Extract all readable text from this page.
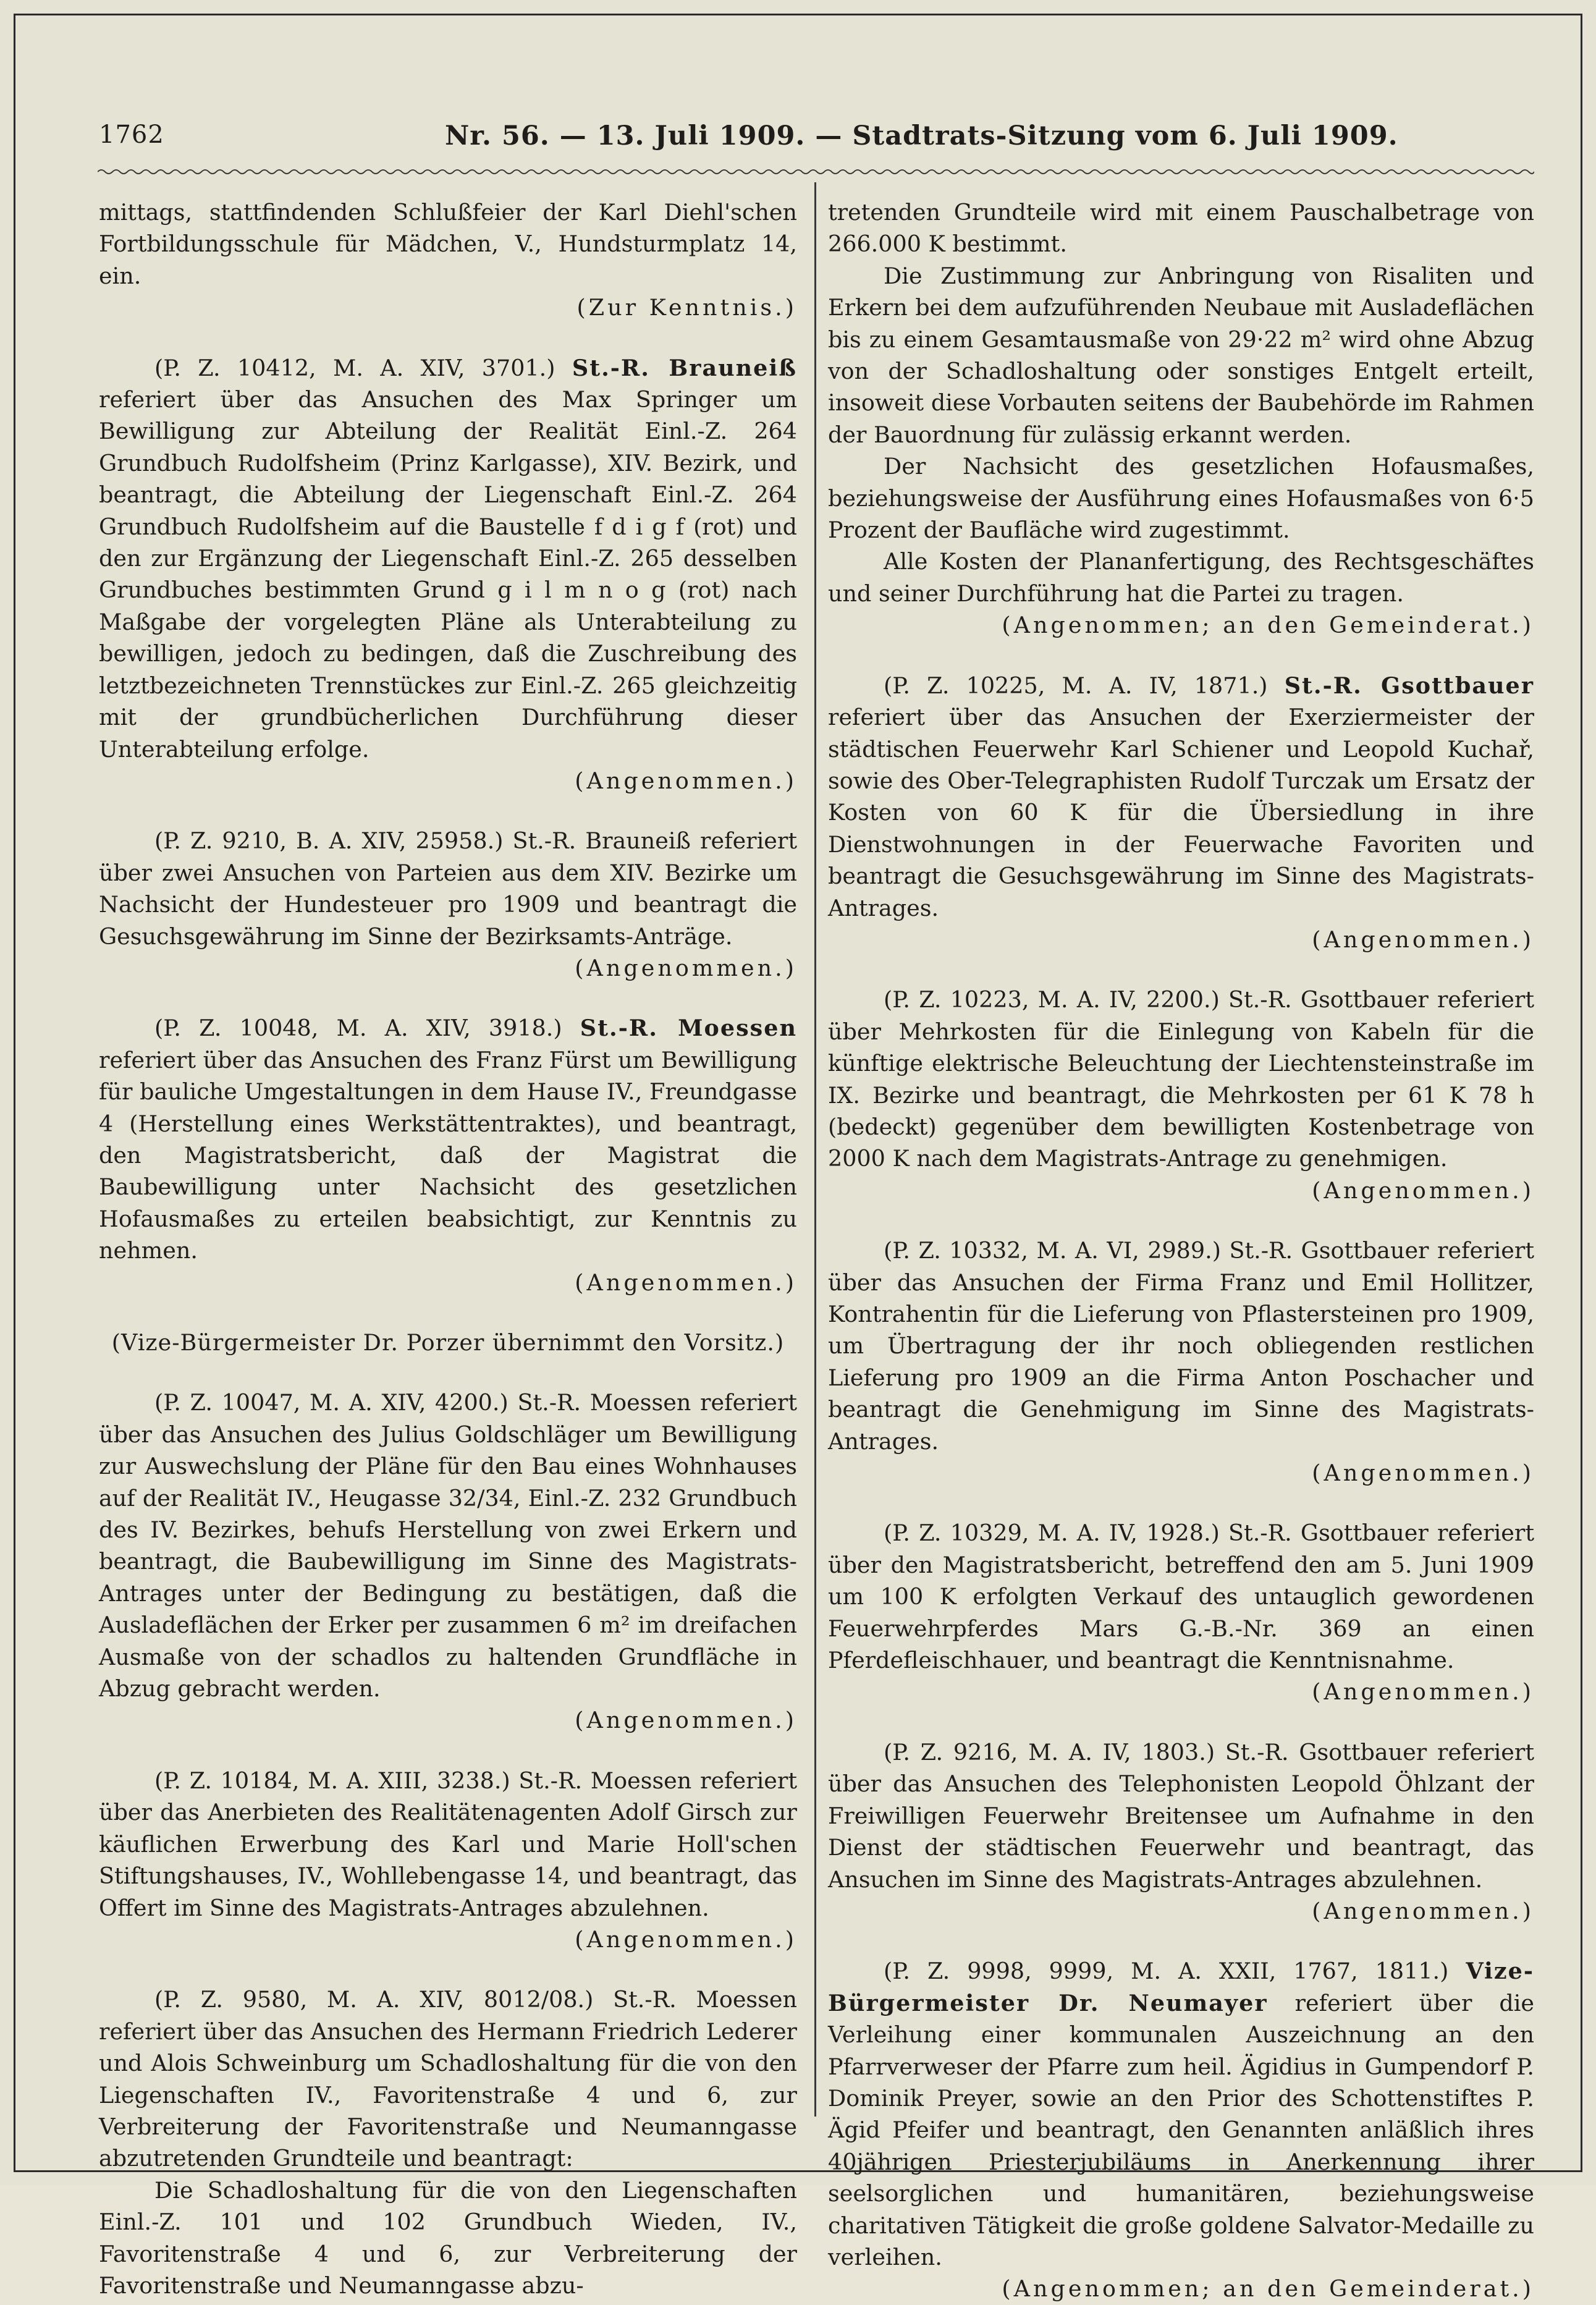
1762	Nr. 56. — 13. Juli 1909. — Stadtrats-Sitzung vom 6. Juli 1909.

mittags, stattfindenden Schlußfeier der Karl Diehl'schen Fortbildungsschule für Mädchen, V., Hundsturmplatz 14, ein.

(Zur Kenntnis.)

(P. Z. 10412, M. A. XIV, 3701.) St.-R. Brauneiß referiert über das Ansuchen des Max Springer um Bewilligung zur Abteilung der Realität Einl.-Z. 264 Grundbuch Rudolfsheim (Prinz Karlgasse), XIV. Bezirk, und beantragt, die Abteilung der Liegenschaft Einl.-Z. 264 Grundbuch Rudolfsheim auf die Baustelle f d i g f (rot) und den zur Ergänzung der Liegenschaft Einl.-Z. 265 desselben Grundbuches bestimmten Grund g i l m n o g (rot) nach Maßgabe der vorgelegten Pläne als Unterabteilung zu bewilligen, jedoch zu bedingen, daß die Zuschreibung des letztbezeichneten Trennstückes zur Einl.-Z. 265 gleichzeitig mit der grundbücherlichen Durchführung dieser Unterabteilung erfolge.

(Angenommen.)

(P. Z. 9210, B. A. XIV, 25958.) St.-R. Brauneiß referiert über zwei Ansuchen von Parteien aus dem XIV. Bezirke um Nachsicht der Hundesteuer pro 1909 und beantragt die Gesuchsgewährung im Sinne der Bezirksamts-Anträge.

(Angenommen.)

(P. Z. 10048, M. A. XIV, 3918.) St.-R. Moessen referiert über das Ansuchen des Franz Fürst um Bewilligung für bauliche Umgestaltungen in dem Hause IV., Freundgasse 4 (Herstellung eines Werkstättentraktes), und beantragt, den Magistratsbericht, daß der Magistrat die Baubewilligung unter Nachsicht des gesetzlichen Hofausmaßes zu erteilen beabsichtigt, zur Kenntnis zu nehmen.

(Angenommen.)

(Vize-Bürgermeister Dr. Porzer übernimmt den Vorsitz.)

(P. Z. 10047, M. A. XIV, 4200.) St.-R. Moessen referiert über das Ansuchen des Julius Goldschläger um Bewilligung zur Auswechslung der Pläne für den Bau eines Wohnhauses auf der Realität IV., Heugasse 32/34, Einl.-Z. 232 Grundbuch des IV. Bezirkes, behufs Herstellung von zwei Erkern und beantragt, die Baubewilligung im Sinne des Magistrats-Antrages unter der Bedingung zu bestätigen, daß die Ausladeflächen der Erker per zusammen 6 m² im dreifachen Ausmaße von der schadlos zu haltenden Grundfläche in Abzug gebracht werden.

(Angenommen.)

(P. Z. 10184, M. A. XIII, 3238.) St.-R. Moessen referiert über das Anerbieten des Realitätenagenten Adolf Girsch zur käuflichen Erwerbung des Karl und Marie Holl'schen Stiftungshauses, IV., Wohllebengasse 14, und beantragt, das Offert im Sinne des Magistrats-Antrages abzulehnen.

(Angenommen.)

(P. Z. 9580, M. A. XIV, 8012/08.) St.-R. Moessen referiert über das Ansuchen des Hermann Friedrich Lederer und Alois Schweinburg um Schadloshaltung für die von den Liegenschaften IV., Favoritenstraße 4 und 6, zur Verbreiterung der Favoritenstraße und Neumanngasse abzutretenden Grundteile und beantragt:

Die Schadloshaltung für die von den Liegenschaften Einl.-Z. 101 und 102 Grundbuch Wieden, IV., Favoritenstraße 4 und 6, zur Verbreiterung der Favoritenstraße und Neumanngasse abzu-

tretenden Grundteile wird mit einem Pauschalbetrage von 266.000 K bestimmt.

Die Zustimmung zur Anbringung von Risaliten und Erkern bei dem aufzuführenden Neubaue mit Ausladeflächen bis zu einem Gesamtausmaße von 29·22 m² wird ohne Abzug von der Schadloshaltung oder sonstiges Entgelt erteilt, insoweit diese Vorbauten seitens der Baubehörde im Rahmen der Bauordnung für zulässig erkannt werden.

Der Nachsicht des gesetzlichen Hofausmaßes, beziehungsweise der Ausführung eines Hofausmaßes von 6·5 Prozent der Baufläche wird zugestimmt.

Alle Kosten der Plananfertigung, des Rechtsgeschäftes und seiner Durchführung hat die Partei zu tragen.

(Angenommen; an den Gemeinderat.)

(P. Z. 10225, M. A. IV, 1871.) St.-R. Gsottbauer referiert über das Ansuchen der Exerziermeister der städtischen Feuerwehr Karl Schiener und Leopold Kuchař, sowie des Ober-Telegraphisten Rudolf Turczak um Ersatz der Kosten von 60 K für die Übersiedlung in ihre Dienstwohnungen in der Feuerwache Favoriten und beantragt die Gesuchsgewährung im Sinne des Magistrats-Antrages.

(Angenommen.)

(P. Z. 10223, M. A. IV, 2200.) St.-R. Gsottbauer referiert über Mehrkosten für die Einlegung von Kabeln für die künftige elektrische Beleuchtung der Liechtensteinstraße im IX. Bezirke und beantragt, die Mehrkosten per 61 K 78 h (bedeckt) gegenüber dem bewilligten Kostenbetrage von 2000 K nach dem Magistrats-Antrage zu genehmigen.

(Angenommen.)

(P. Z. 10332, M. A. VI, 2989.) St.-R. Gsottbauer referiert über das Ansuchen der Firma Franz und Emil Hollitzer, Kontrahentin für die Lieferung von Pflastersteinen pro 1909, um Übertragung der ihr noch obliegenden restlichen Lieferung pro 1909 an die Firma Anton Poschacher und beantragt die Genehmigung im Sinne des Magistrats-Antrages.

(Angenommen.)

(P. Z. 10329, M. A. IV, 1928.) St.-R. Gsottbauer referiert über den Magistratsbericht, betreffend den am 5. Juni 1909 um 100 K erfolgten Verkauf des untauglich gewordenen Feuerwehrpferdes Mars G.-B.-Nr. 369 an einen Pferdefleischhauer, und beantragt die Kenntnisnahme.

(Angenommen.)

(P. Z. 9216, M. A. IV, 1803.) St.-R. Gsottbauer referiert über das Ansuchen des Telephonisten Leopold Öhlzant der Freiwilligen Feuerwehr Breitensee um Aufnahme in den Dienst der städtischen Feuerwehr und beantragt, das Ansuchen im Sinne des Magistrats-Antrages abzulehnen.

(Angenommen.)

(P. Z. 9998, 9999, M. A. XXII, 1767, 1811.) Vize-Bürgermeister Dr. Neumayer referiert über die Verleihung einer kommunalen Auszeichnung an den Pfarrverweser der Pfarre zum heil. Ägidius in Gumpendorf P. Dominik Preyer, sowie an den Prior des Schottenstiftes P. Ägid Pfeifer und beantragt, den Genannten anläßlich ihres 40jährigen Priesterjubiläums in Anerkennung ihrer seelsorglichen und humanitären, beziehungsweise charitativen Tätigkeit die große goldene Salvator-Medaille zu verleihen.

(Angenommen; an den Gemeinderat.)
